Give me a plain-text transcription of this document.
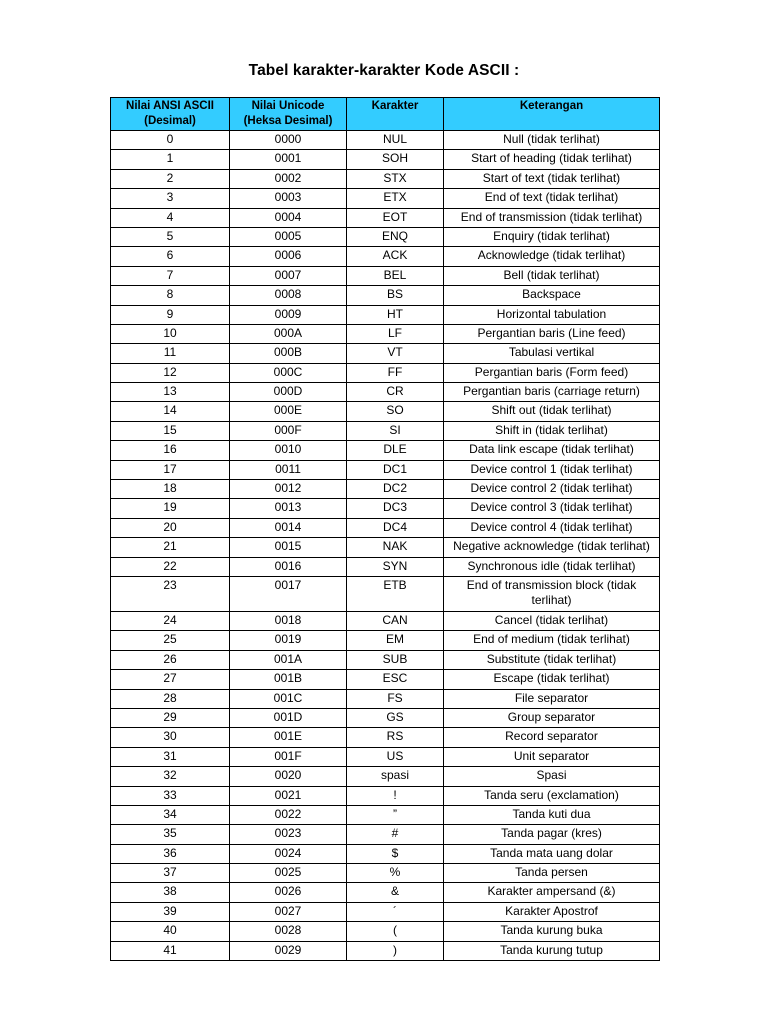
Tabel karakter-karakter Kode ASCII :
Nilai ANSI ASCII (Desimal)	Nilai Unicode (Heksa Desimal)	Karakter	Keterangan
0	0000	NUL	Null (tidak terlihat)
1	0001	SOH	Start of heading (tidak terlihat)
2	0002	STX	Start of text (tidak terlihat)
3	0003	ETX	End of text (tidak terlihat)
4	0004	EOT	End of transmission (tidak terlihat)
5	0005	ENQ	Enquiry (tidak terlihat)
6	0006	ACK	Acknowledge (tidak terlihat)
7	0007	BEL	Bell (tidak terlihat)
8	0008	BS	Backspace
9	0009	HT	Horizontal tabulation
10	000A	LF	Pergantian baris (Line feed)
11	000B	VT	Tabulasi vertikal
12	000C	FF	Pergantian baris (Form feed)
13	000D	CR	Pergantian baris (carriage return)
14	000E	SO	Shift out (tidak terlihat)
15	000F	SI	Shift in (tidak terlihat)
16	0010	DLE	Data link escape (tidak terlihat)
17	0011	DC1	Device control 1 (tidak terlihat)
18	0012	DC2	Device control 2 (tidak terlihat)
19	0013	DC3	Device control 3 (tidak terlihat)
20	0014	DC4	Device control 4 (tidak terlihat)
21	0015	NAK	Negative acknowledge (tidak terlihat)
22	0016	SYN	Synchronous idle (tidak terlihat)
23	0017	ETB	End of transmission block (tidak terlihat)
24	0018	CAN	Cancel (tidak terlihat)
25	0019	EM	End of medium (tidak terlihat)
26	001A	SUB	Substitute (tidak terlihat)
27	001B	ESC	Escape (tidak terlihat)
28	001C	FS	File separator
29	001D	GS	Group separator
30	001E	RS	Record separator
31	001F	US	Unit separator
32	0020	spasi	Spasi
33	0021	!	Tanda seru (exclamation)
34	0022	”	Tanda kuti dua
35	0023	#	Tanda pagar (kres)
36	0024	$	Tanda mata uang dolar
37	0025	%	Tanda persen
38	0026	&	Karakter ampersand (&)
39	0027	´	Karakter Apostrof
40	0028	(	Tanda kurung buka
41	0029	)	Tanda kurung tutup
